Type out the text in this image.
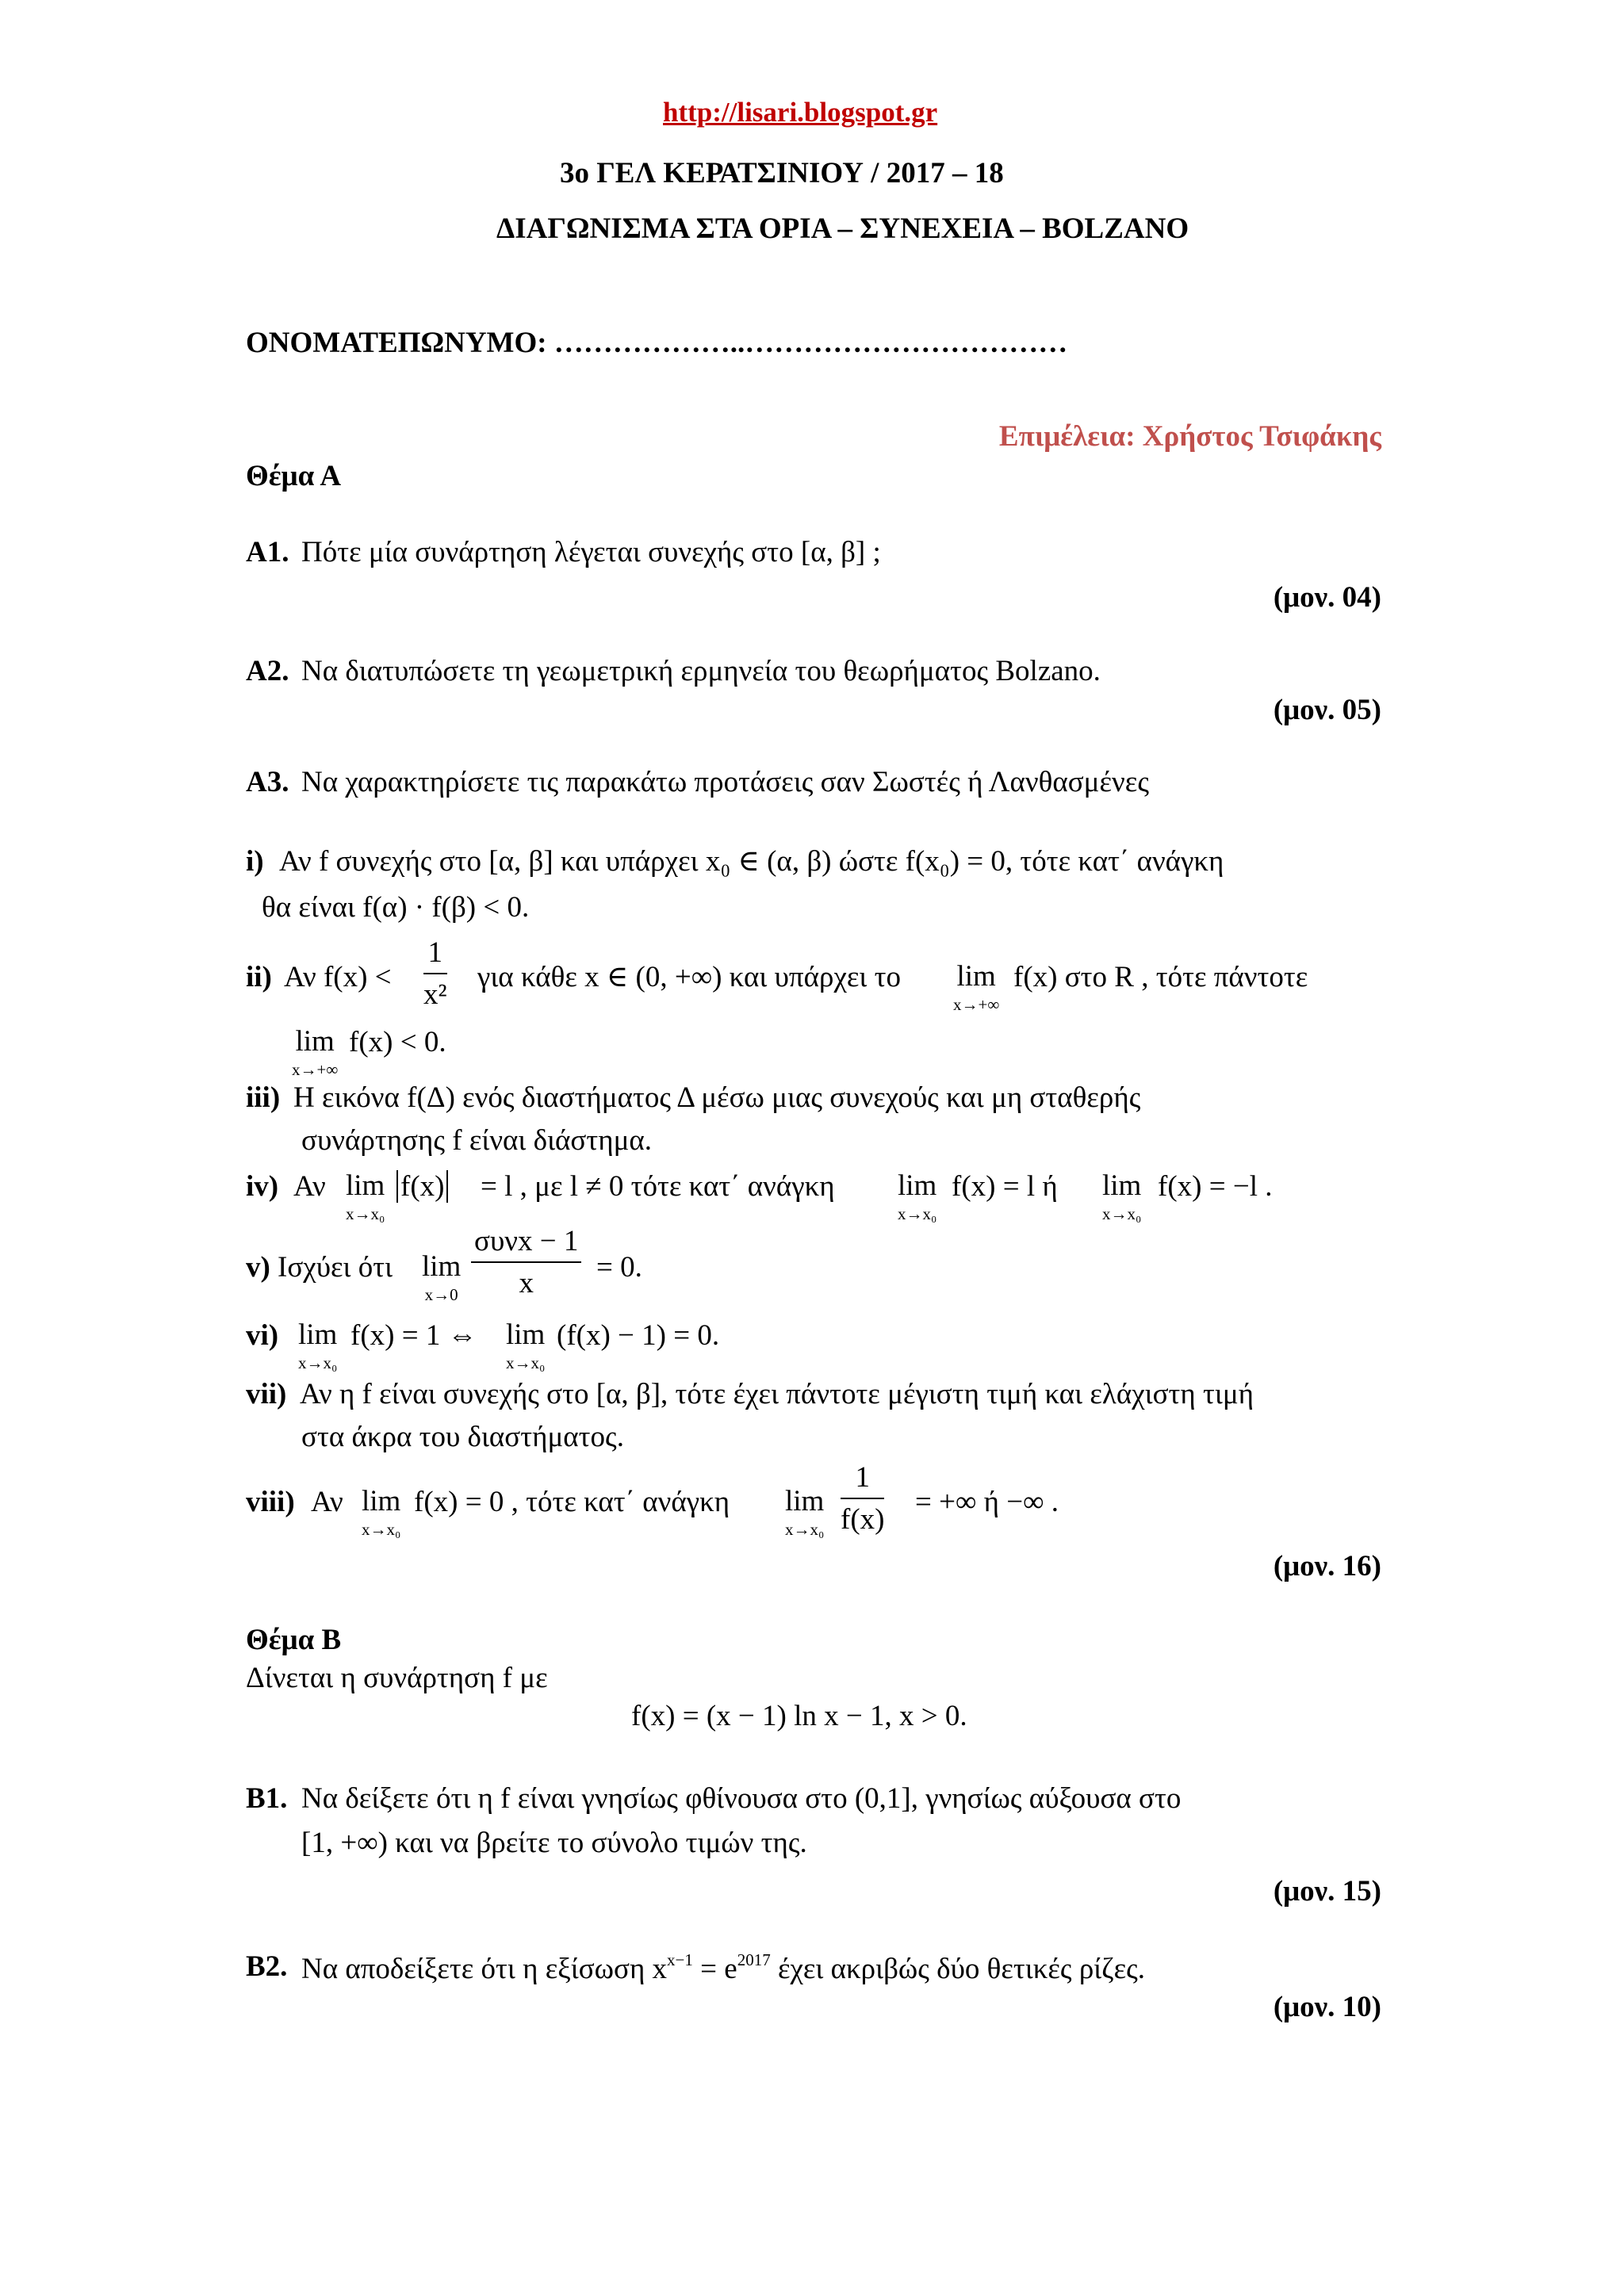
http://lisari.blogspot.gr
3ο ΓΕΛ ΚΕΡΑΤΣΙΝΙΟΥ / 2017 – 18
ΔΙΑΓΩΝΙΣΜΑ ΣΤΑ ΟΡΙΑ – ΣΥΝΕΧΕΙΑ – BOLZANO
ΟΝΟΜΑΤΕΠΩΝΥΜΟ: ………………..……………………………
Επιμέλεια: Χρήστος Τσιφάκης
Θέμα Α
Α1. Πότε μία συνάρτηση λέγεται συνεχής στο [α, β] ;
(μον. 04)
Α2. Να διατυπώσετε τη γεωμετρική ερμηνεία του θεωρήματος Bolzano.
(μον. 05)
Α3. Να χαρακτηρίσετε τις παρακάτω προτάσεις σαν Σωστές ή Λανθασμένες
i) Αν f συνεχής στο [α, β] και υπάρχει x₀ ∈ (α, β) ώστε f(x₀) = 0, τότε κατ΄ ανάγκη
θα είναι f(α) · f(β) < 0.
ii) Αν $f(x) < \frac{1}{\text{x²}}$ για κάθε x ∈ (0, +∞) και υπάρχει το lim
x→+∞
f(x) στο R , τότε πάντοτε
lim
x→+∞
f(x) < 0.
iii) Η εικόνα f(Δ) ενός διαστήματος Δ μέσω μιας συνεχούς και μη σταθερής
συνάρτησης f είναι διάστημα.
iv) Αν lim
x→x₀
f(x) = l , με l ≠ 0 τότε κατ΄ ανάγκη lim
x→x₀
f(x) = l ή lim
x→x₀
f(x) = −l .
v) Ισχύει ότι lim
x→0
συνx − 1
x	= 0.
vi) lim
x→x₀
f(x) = 1 ⇔ lim
x→x₀
(f(x) − 1) = 0.
vii) Αν η f είναι συνεχής στο [α, β], τότε έχει πάντοτε μέγιστη τιμή και ελάχιστη τιμή
στα άκρα του διαστήματος.
viii) Αν lim
x→x₀
f(x) = 0 , τότε κατ΄ ανάγκη lim
$x\to x_0 \frac{1}{f(x)}$ = +∞ ή −∞ .
(μον. 16)
Θέμα Β
Δίνεται η συνάρτηση f με
f(x) = (x − 1) ln x − 1, x > 0.
Β1. Να δείξετε ότι η f είναι γνησίως φθίνουσα στο (0,1], γνησίως αύξουσα στο
[1, +∞) και να βρείτε το σύνολο τιμών της.
(μον. 15)
Β2. Να αποδείξετε ότι η εξίσωση $x^{x-1} = e^{2017}$ έχει ακριβώς δύο θετικές ρίζες.
(μον. 10)
